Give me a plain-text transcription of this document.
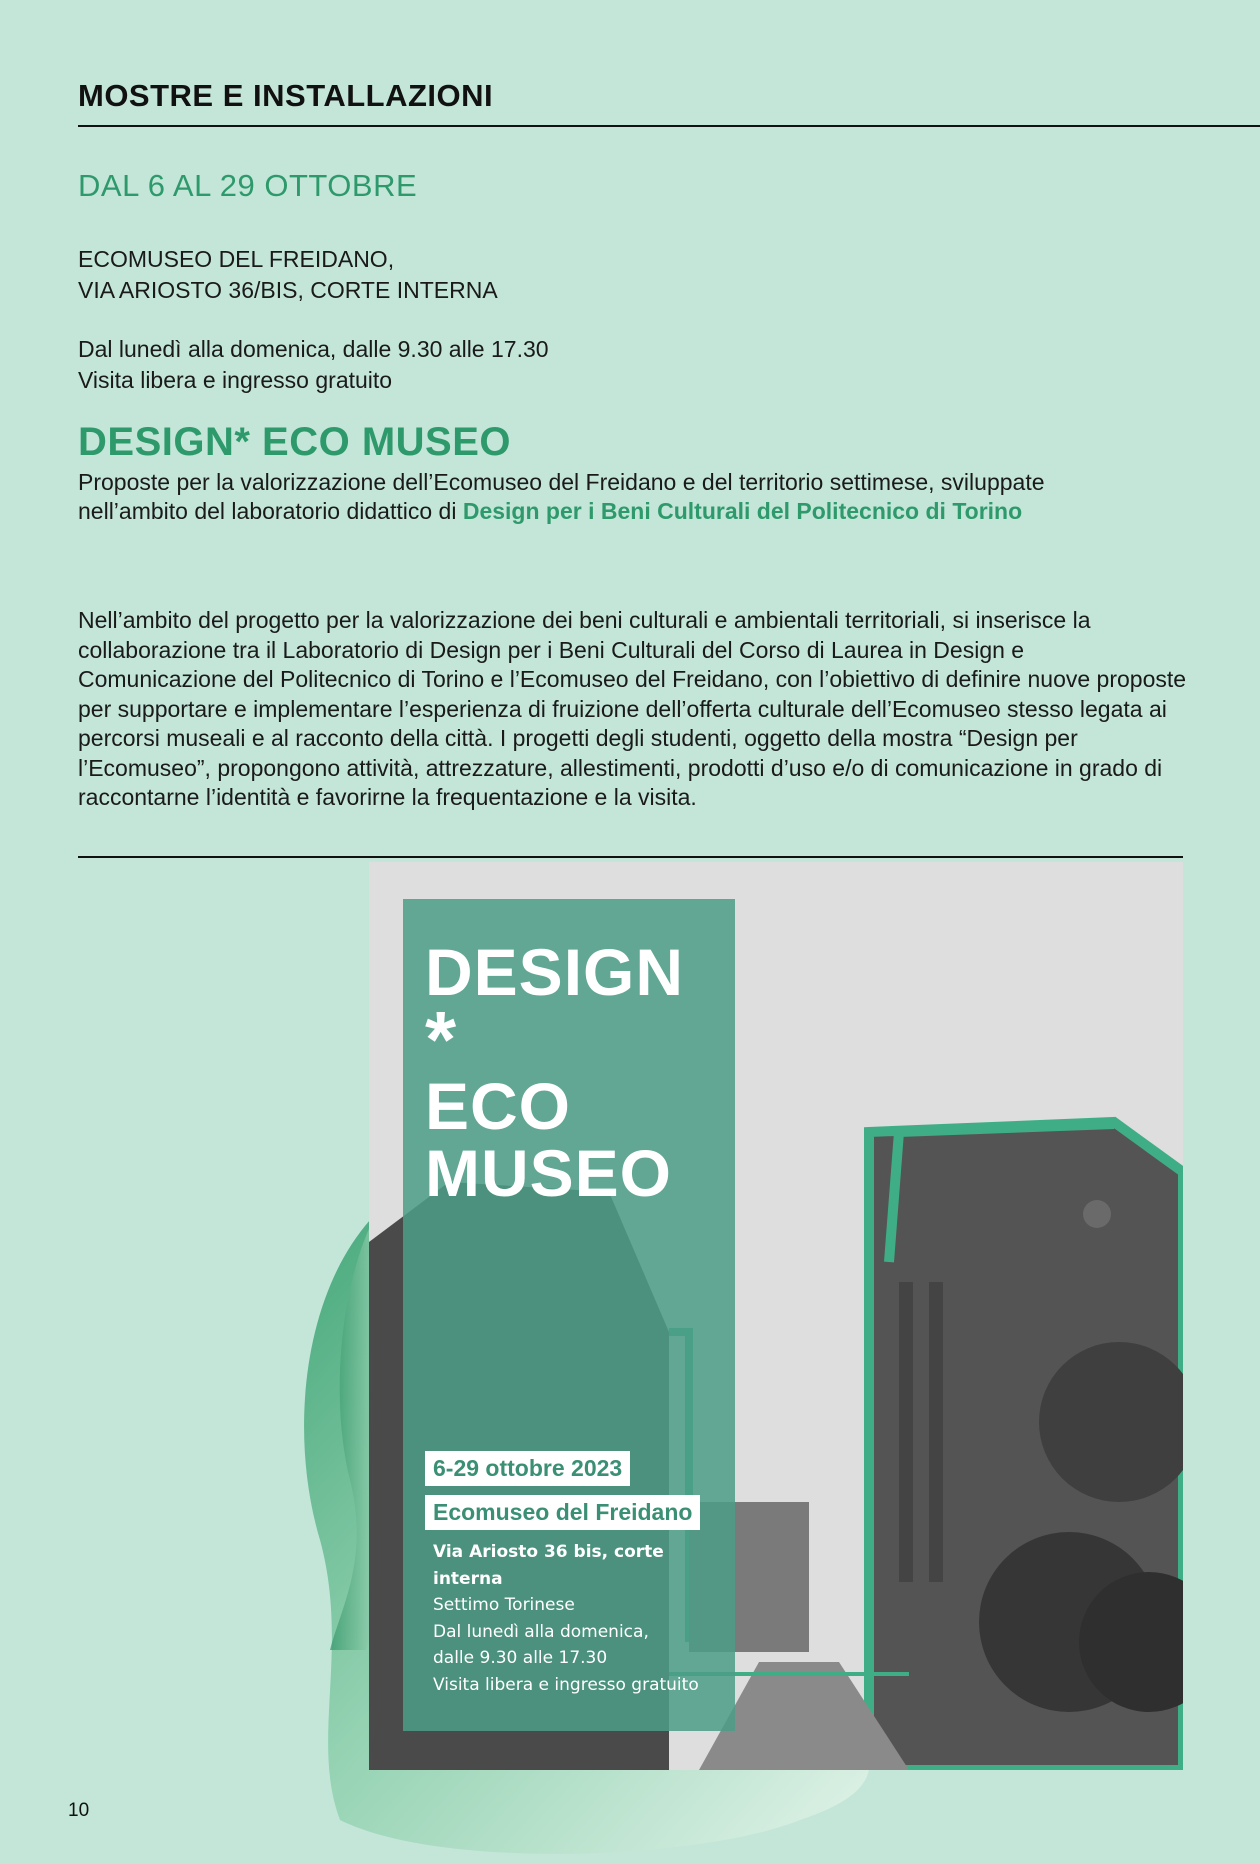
MOSTRE E INSTALLAZIONI
DAL 6 AL 29 OTTOBRE

ECOMUSEO DEL FREIDANO,
VIA ARIOSTO 36/BIS, CORTE INTERNA

Dal lunedì alla domenica, dalle 9.30 alle 17.30
Visita libera e ingresso gratuito

DESIGN* ECO MUSEO

Proposte per la valorizzazione dell’Ecomuseo del Freidano e del territorio settimese, sviluppate nell’ambito del laboratorio didattico di Design per i Beni Culturali del Politecnico di Torino

Nell’ambito del progetto per la valorizzazione dei beni culturali e ambientali territoriali, si inserisce la collaborazione tra il Laboratorio di Design per i Beni Culturali del Corso di Laurea in Design e Comunicazione del Politecnico di Torino e l’Ecomuseo del Freidano, con l’obiettivo di definire nuove proposte per supportare e implementare l’esperienza di fruizione dell’offerta culturale dell’Ecomuseo stesso legata ai percorsi museali e al racconto della città. I progetti degli studenti, oggetto della mostra “Design per l’Ecomuseo”, propongono attività, attrezzature, allestimenti, prodotti d’uso e/o di comunicazione in grado di raccontarne l’identità e favorirne la frequentazione e la visita.

DESIGN
*
ECO
MUSEO
6-29 ottobre 2023
Ecomuseo del Freidano

Via Ariosto 36 bis, corte interna
Settimo Torinese
Dal lunedì alla domenica,
dalle 9.30 alle 17.30
Visita libera e ingresso gratuito

10
